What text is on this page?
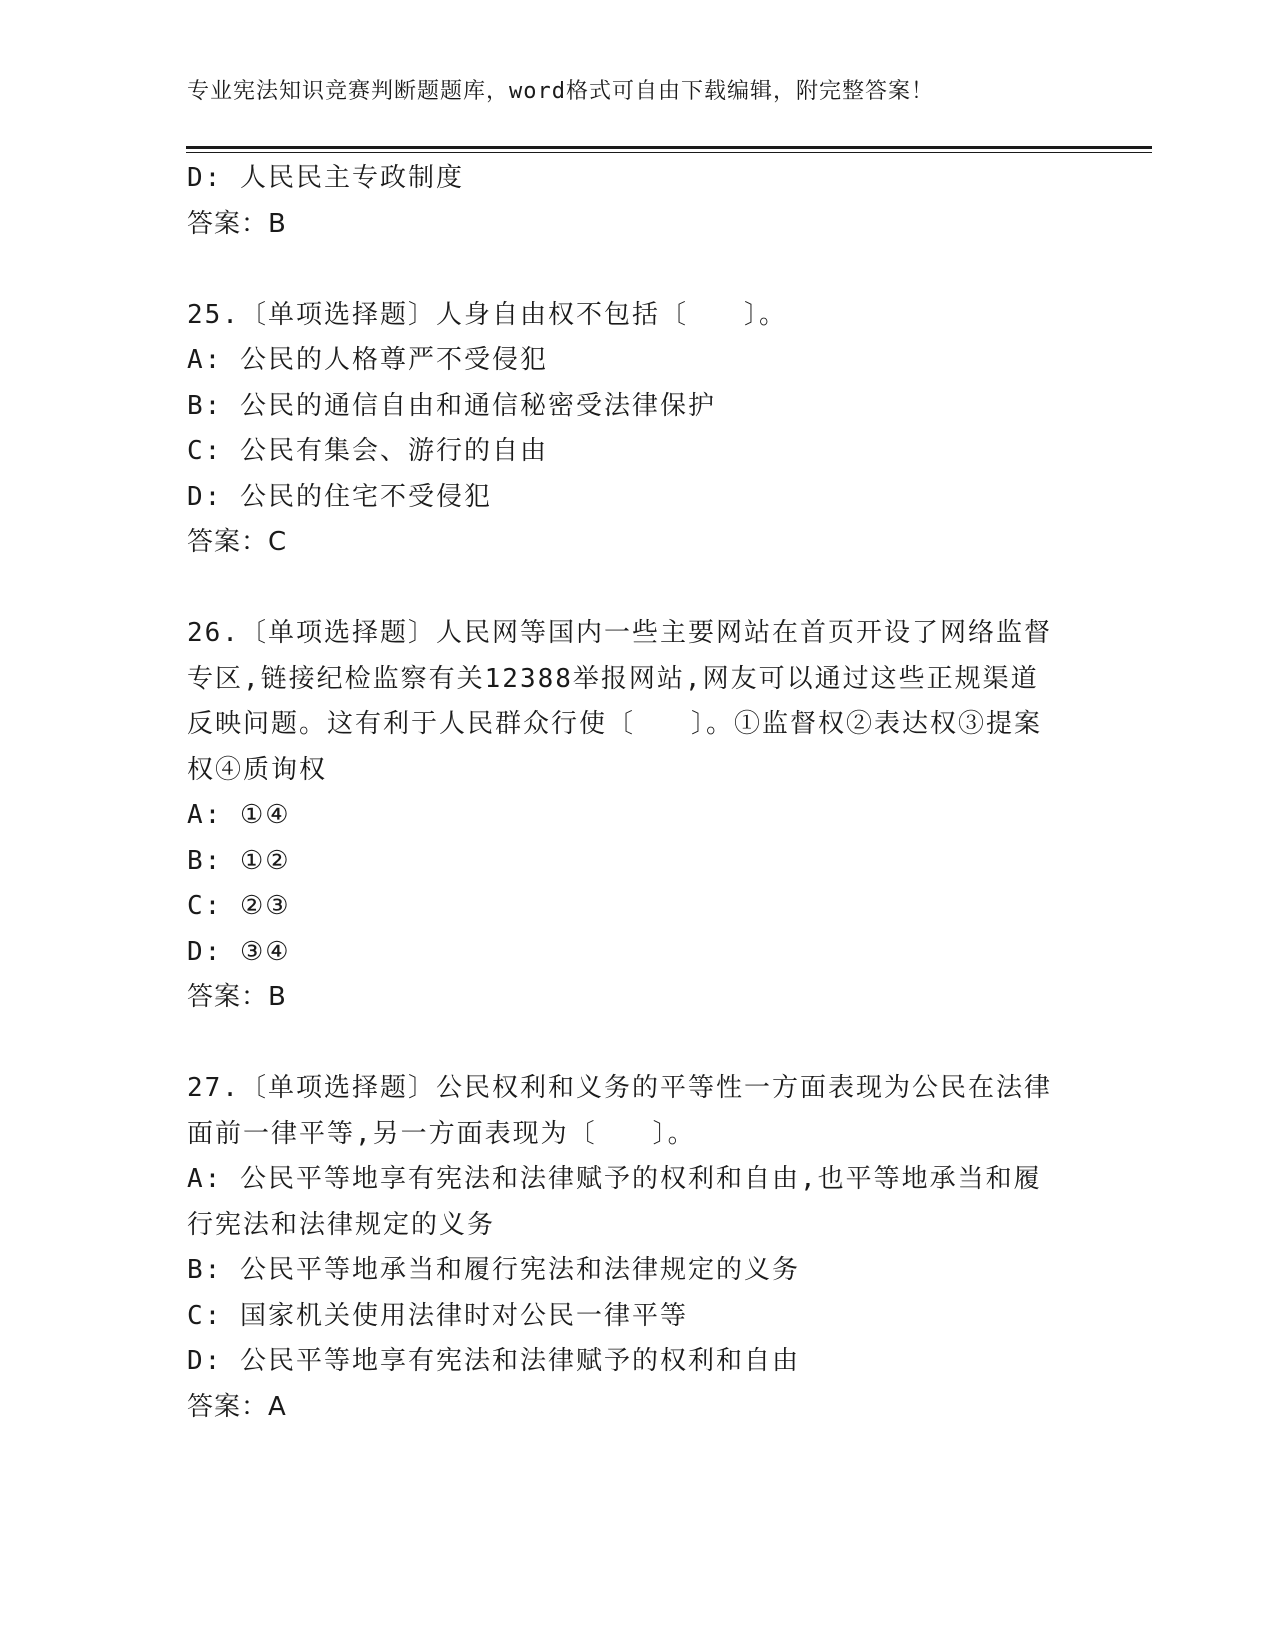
专业宪法知识竞赛判断题题库，word格式可自由下载编辑，附完整答案！
D: 人民民主专政制度
答案：B
25.〔单项选择题〕人身自由权不包括〔　　〕。
A: 公民的人格尊严不受侵犯
B: 公民的通信自由和通信秘密受法律保护
C: 公民有集会、游行的自由
D: 公民的住宅不受侵犯
答案：C
26.〔单项选择题〕人民网等国内一些主要网站在首页开设了网络监督
专区,链接纪检监察有关12388举报网站,网友可以通过这些正规渠道
反映问题。这有利于人民群众行使〔　　〕。①监督权②表达权③提案
权④质询权
A: ①④
B: ①②
C: ②③
D: ③④
答案：B
27.〔单项选择题〕公民权利和义务的平等性一方面表现为公民在法律
面前一律平等,另一方面表现为〔　　〕。
A: 公民平等地享有宪法和法律赋予的权利和自由,也平等地承当和履
行宪法和法律规定的义务
B: 公民平等地承当和履行宪法和法律规定的义务
C: 国家机关使用法律时对公民一律平等
D: 公民平等地享有宪法和法律赋予的权利和自由
答案：A
